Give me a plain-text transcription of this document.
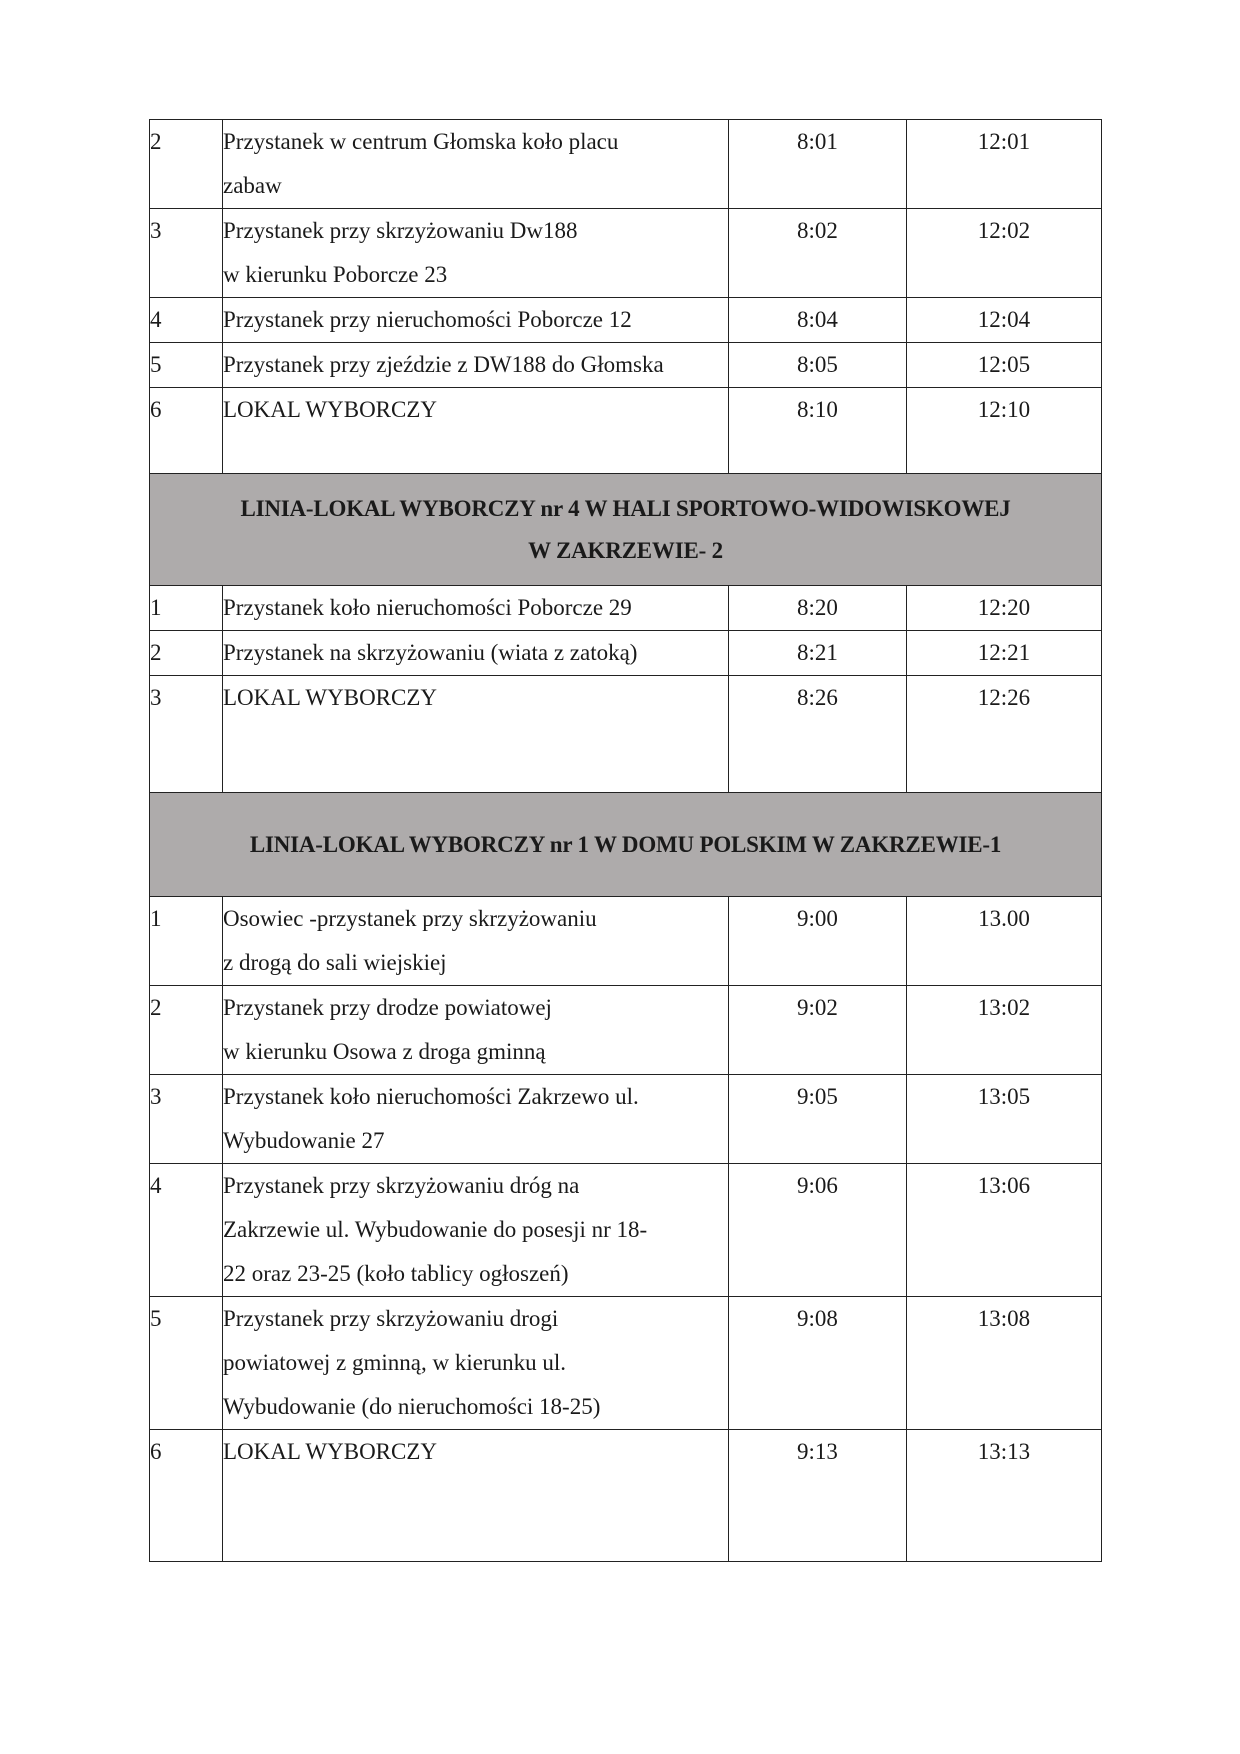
2	Przystanek w centrum Głomska koło placu
zabaw	8:01	12:01
3	Przystanek przy skrzyżowaniu Dw188
w kierunku Poborcze 23	8:02	12:02
4	Przystanek przy nieruchomości Poborcze 12	8:04	12:04
5	Przystanek przy zjeździe z DW188 do Głomska	8:05	12:05
6	LOKAL WYBORCZY	8:10	12:10

LINIA-LOKAL WYBORCZY nr 4 W HALI SPORTOWO-WIDOWISKOWEJ
W ZAKRZEWIE- 2			

1	Przystanek koło nieruchomości Poborcze 29	8:20	12:20
2	Przystanek na skrzyżowaniu (wiata z zatoką)	8:21	12:21
3	LOKAL WYBORCZY	8:26	12:26

LINIA-LOKAL WYBORCZY nr 1 W DOMU POLSKIM W ZAKRZEWIE-1			

1	Osowiec -przystanek przy skrzyżowaniu
z drogą do sali wiejskiej	9:00	13.00
2	Przystanek przy drodze powiatowej
w kierunku Osowa z droga gminną	9:02	13:02
3	Przystanek koło nieruchomości Zakrzewo ul.
Wybudowanie 27	9:05	13:05
4	Przystanek przy skrzyżowaniu dróg na
Zakrzewie ul. Wybudowanie do posesji nr 18-
22 oraz 23-25 (koło tablicy ogłoszeń)	9:06	13:06
5	Przystanek przy skrzyżowaniu drogi
powiatowej z gminną, w kierunku ul.
Wybudowanie (do nieruchomości 18-25)	9:08	13:08
6	LOKAL WYBORCZY	9:13	13:13
